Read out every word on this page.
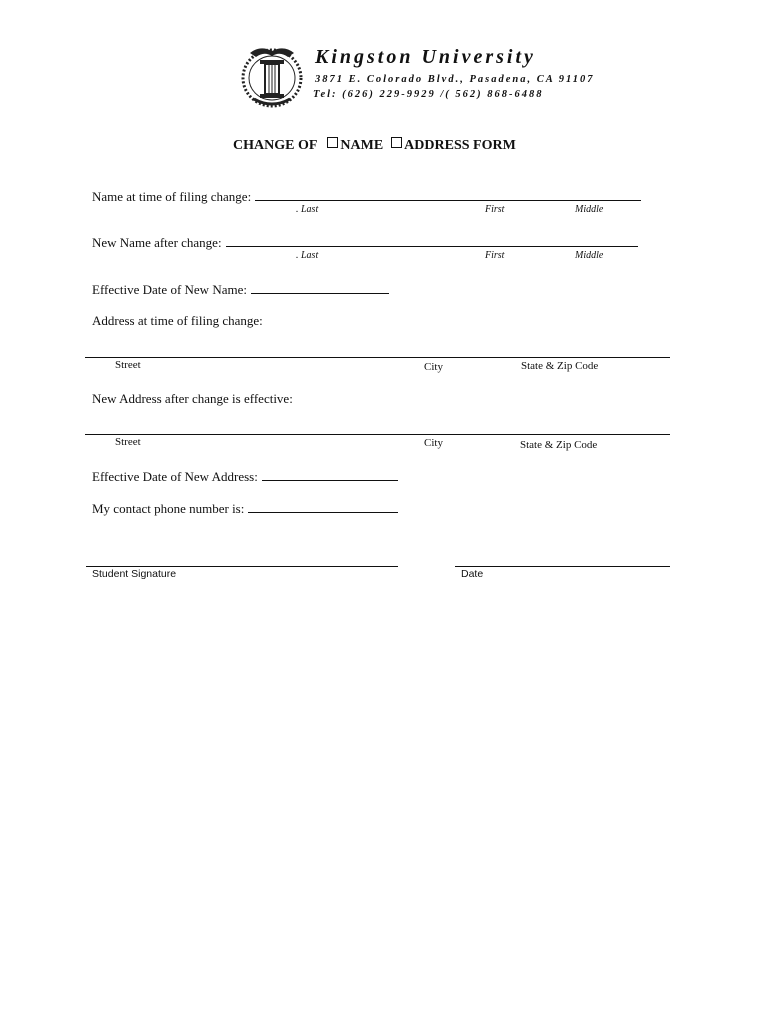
Kingston University
3871 E. Colorado Blvd., Pasadena, CA 91107
Tel: (626) 229-9929 /( 562) 868-6488
CHANGE OF NAME ADDRESS FORM
Name at time of filing change:
. Last	First	Middle
New Name after change:
. Last	First	Middle
Effective Date of New Name:
Address at time of filing change:
Street	City	State & Zip Code
New Address after change is effective:
Street	City	State & Zip Code
Effective Date of New Address:
My contact phone number is:
Student Signature	Date
